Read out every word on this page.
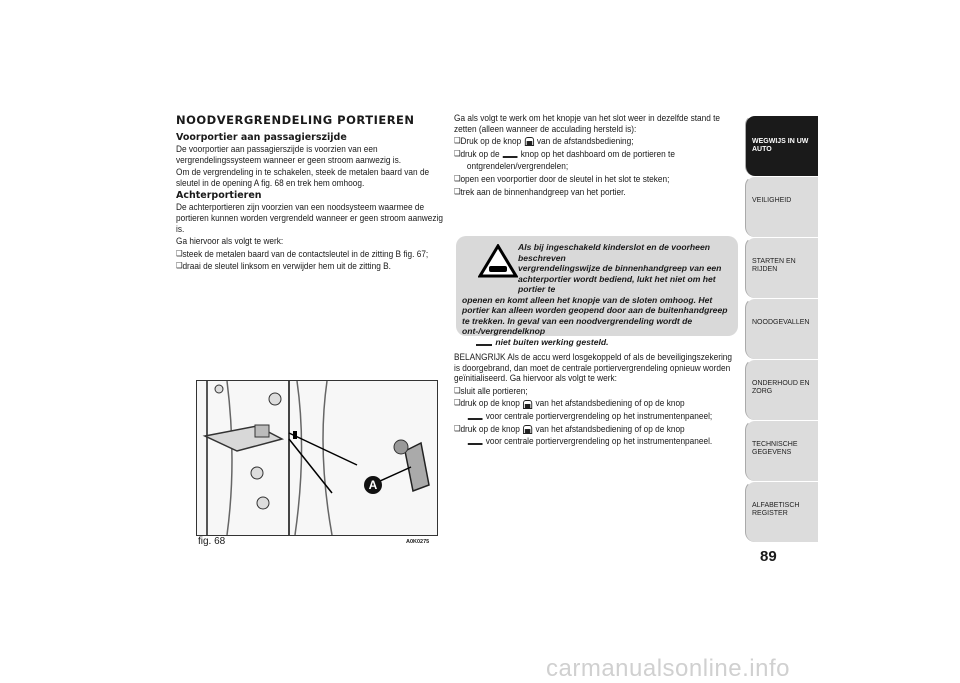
NOODVERGRENDELING PORTIEREN
Voorportier aan passagierszijde

De voorportier aan passagierszijde is voorzien van een vergrendelingssysteem wanneer er geen stroom aanwezig is.

Om de vergrendeling in te schakelen, steek de metalen baard van de sleutel in de opening A fig. 68 en trek hem omhoog.

Achterportieren

De achterportieren zijn voorzien van een noodsysteem waarmee de portieren kunnen worden vergrendeld wanneer er geen stroom aanwezig is.

Ga hiervoor als volgt te werk:

❑ steek de metalen baard van de contactsleutel in de zitting B fig. 67;

❑ draai de sleutel linksom en verwijder hem uit de zitting B.

Ga als volgt te werk om het knopje van het slot weer in dezelfde stand te zetten (alleen wanneer de acculading hersteld is):

❑ Druk op de knop van de afstandsbediening;

❑ druk op de knop op het dashboard om de portieren te

ontgrendelen/vergrendelen;

❑ open een voorportier door de sleutel in het slot te steken;

❑ trek aan de binnenhandgreep van het portier.

Als bij ingeschakeld kinderslot en de voorheen beschreven
vergrendelingswijze de binnenhandgreep van een
achterportier wordt bediend, lukt het niet om het portier te
openen en komt alleen het knopje van de sloten omhoog. Het portier kan alleen worden geopend door aan de buitenhandgreep te trekken. In geval van een noodvergrendeling wordt de ont-/vergrendelknop
niet buiten werking gesteld.

BELANGRIJK Als de accu werd losgekoppeld of als de beveiligingszekering is doorgebrand, dan moet de centrale portiervergrendeling opnieuw worden geïnitialiseerd. Ga hiervoor als volgt te werk:

❑ sluit alle portieren;

❑ druk op de knop van het afstandsbediening of op de knop

voor centrale portiervergrendeling op het instrumentenpaneel;

❑ druk op de knop van het afstandsbediening of op de knop

voor centrale portiervergrendeling op het instrumentenpaneel.

A
fig. 68	A0K0275
WEGWIJS IN UW AUTO
VEILIGHEID
STARTEN EN RIJDEN
NOODGEVALLEN
ONDERHOUD EN ZORG
TECHNISCHE GEGEVENS
ALFABETISCH REGISTER
89
carmanualsonline.info
